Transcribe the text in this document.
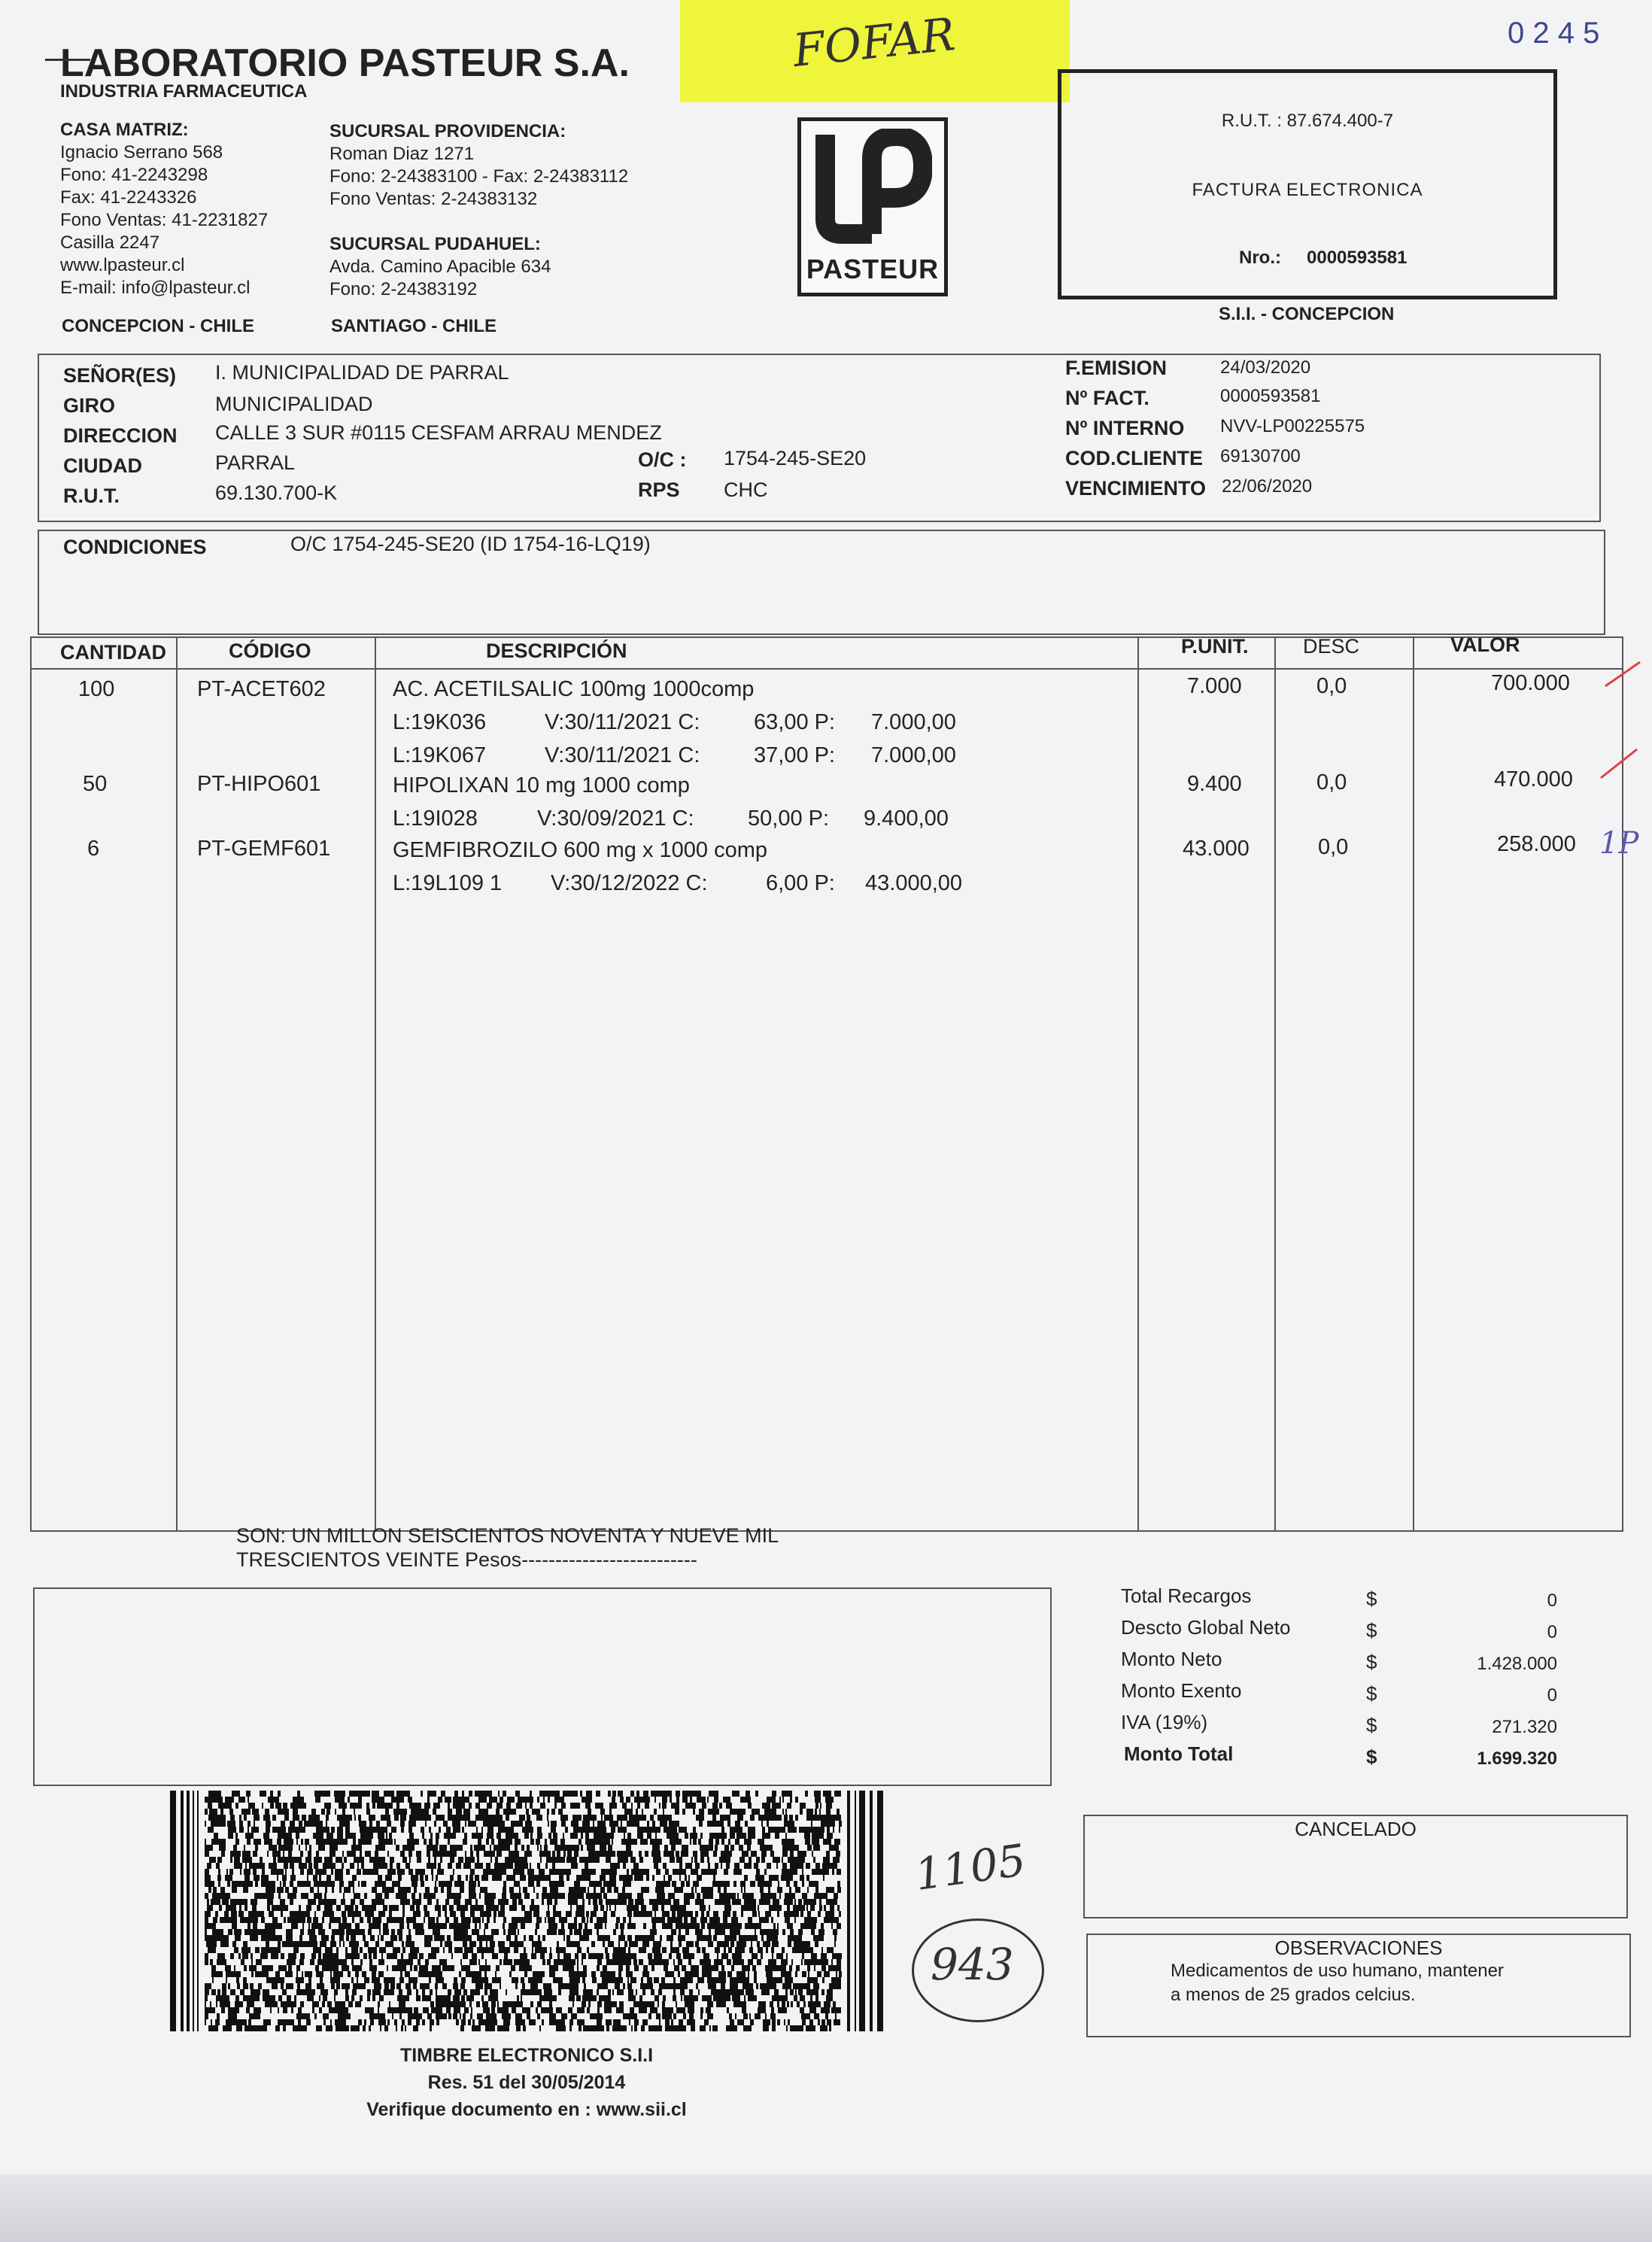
LABORATORIO PASTEUR S.A.
INDUSTRIA FARMACEUTICA
CASA MATRIZ:
Ignacio Serrano 568
Fono: 41-2243298
Fax: 41-2243326
Fono Ventas: 41-2231827
Casilla 2247
www.lpasteur.cl
E-mail: info@lpasteur.cl
CONCEPCION - CHILE
SUCURSAL PROVIDENCIA:
Roman Diaz 1271
Fono: 2-24383100 - Fax: 2-24383112
Fono Ventas: 2-24383132
SUCURSAL PUDAHUEL:
Avda. Camino Apacible 634
Fono: 2-24383192
SANTIAGO - CHILE
PASTEUR
FOFAR	0 2 4 5
R.U.T. : 87.674.400-7
FACTURA ELECTRONICA
Nro.: 0000593581
S.I.I. - CONCEPCION
SEÑOR(ES) I. MUNICIPALIDAD DE PARRAL
GIRO	MUNICIPALIDAD
DIRECCION CALLE 3 SUR #0115 CESFAM ARRAU MENDEZ
CIUDAD	PARRAL
R.U.T.	69.130.700-K
O/C : 1754-245-SE20
RPS CHC
F.EMISION	24/03/2020
Nº FACT.	0000593581
Nº INTERNO NVV-LP00225575
COD.CLIENTE 69130700
VENCIMIENTO 22/06/2020
CONDICIONES	O/C 1754-245-SE20 (ID 1754-16-LQ19)
CANTIDAD	CÓDIGO	DESCRIPCIÓN	P.UNIT.	DESC	VALOR
100	PT-ACET602	AC. ACETILSALIC 100mg 1000comp	7.000	0,0	700.000
L:19K036	V:30/11/2021 C: 63,00 P: 7.000,00
L:19K067	V:30/11/2021 C: 37,00 P: 7.000,00
50	PT-HIPO601	HIPOLIXAN 10 mg 1000 comp	9.400	0,0	470.000
L:19I028	V:30/09/2021 C: 50,00 P: 9.400,00
6	PT-GEMF601	GEMFIBROZILO 600 mg x 1000 comp	43.000	0,0	258.000
L:19L109 1 V:30/12/2022 C:	6,00 P: 43.000,00
1P
SON: UN MILLON SEISCIENTOS NOVENTA Y NUEVE MIL
TRESCIENTOS VEINTE Pesos--------------------------
Total Recargos	$	0
Descto Global Neto	$	0
Monto Neto	$	1.428.000
Monto Exento	$	0
IVA (19%)	$	271.320
Monto Total	$	1.699.320
TIMBRE ELECTRONICO S.I.I
Res. 51 del 30/05/2014
Verifique documento en : www.sii.cl
1105
943
CANCELADO
OBSERVACIONES
Medicamentos de uso humano, mantener
a menos de 25 grados celcius.
